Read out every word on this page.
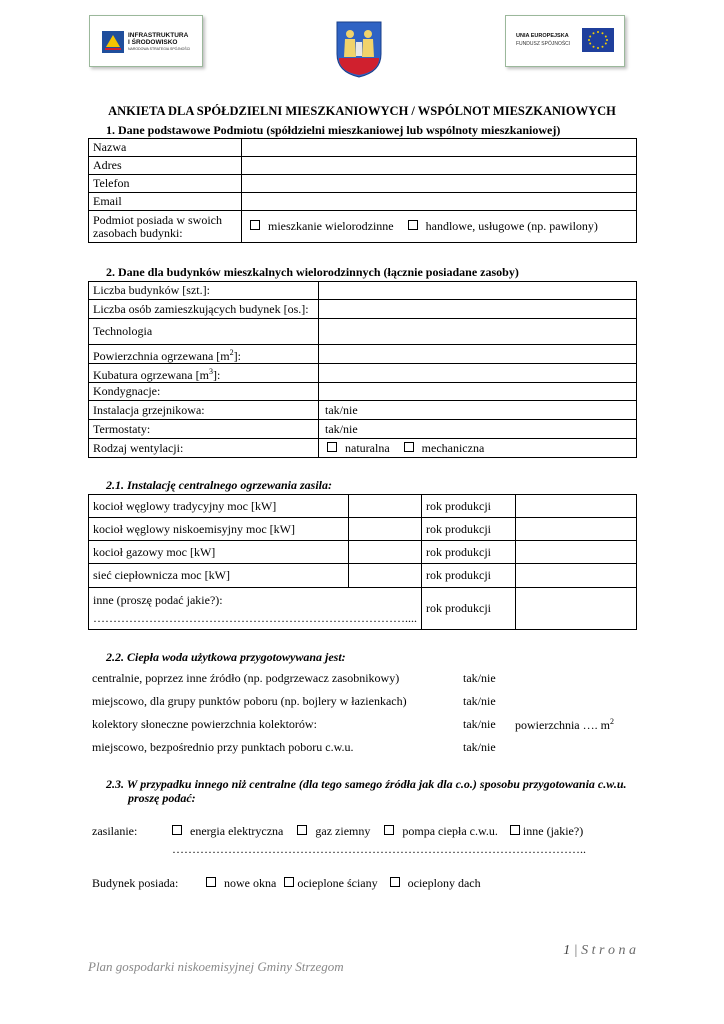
INFRASTRUKTURA
I ŚRODOWISKO
NARODOWA STRATEGIA SPÓJNOŚCI
UNIA EUROPEJSKA
FUNDUSZ SPÓJNOŚCI
ANKIETA DLA SPÓŁDZIELNI MIESZKANIOWYCH / WSPÓLNOT MIESZKANIOWYCH
1. Dane podstawowe Podmiotu (spółdzielni mieszkaniowej lub wspólnoty mieszkaniowej)
Nazwa	
Adres	
Telefon	
Email	
Podmiot posiada w swoich zasobach budynki:	mieszkanie wielorodzinne handlowe, usługowe (np. pawilony)
2. Dane dla budynków mieszkalnych wielorodzinnych (łącznie posiadane zasoby)
Liczba budynków [szt.]:	
Liczba osób zamieszkujących budynek [os.]:	
Technologia	
Powierzchnia ogrzewana $[m^2]$:	
Kubatura ogrzewana $[m^3]$:	
Kondygnacje:	
Instalacja grzejnikowa:	tak/nie
Termostaty:	tak/nie
Rodzaj wentylacji:	naturalna mechaniczna
2.1. Instalację centralnego ogrzewania zasila:
kocioł węglowy tradycyjny moc [kW]		rok produkcji	
kocioł węglowy niskoemisyjny moc [kW]		rok produkcji	
kocioł gazowy moc [kW]		rok produkcji	
sieć ciepłownicza moc [kW]		rok produkcji	

inne (proszę podać jakie?):
……………………………………………………………………....		rok produkcji	
2.2. Ciepła woda użytkowa przygotowywana jest:
centralnie, poprzez inne źródło (np. podgrzewacz zasobnikowy)	tak/nie
miejscowo, dla grupy punktów poboru (np. bojlery w łazienkach)	tak/nie
kolektory słoneczne powierzchnia kolektorów:	tak/nie powierzchnia …. $m^2$
miejscowo, bezpośrednio przy punktach poboru c.w.u.	tak/nie
2.3. W przypadku innego niż centralne (dla tego samego źródła jak dla c.o.) sposobu przygotowania c.w.u.
proszę podać:
zasilanie:	energia elektryczna	gaz ziemny	pompa ciepła c.w.u. inne (jakie?)
…………………………………………………………………………………………..
Budynek posiada:	nowe okna ocieplone ściany	ocieplony dach
1 | S t r o n a
Plan gospodarki niskoemisyjnej Gminy Strzegom
